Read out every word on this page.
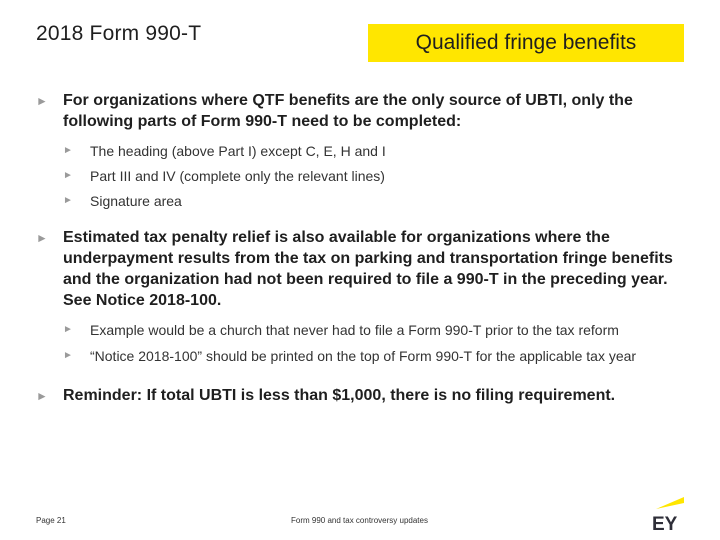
2018 Form 990-T	Qualified fringe benefits
► For organizations where QTF benefits are the only source of UBTI, only the following parts of Form 990-T need to be completed:
►	The heading (above Part I) except C, E, H and I
►	Part III and IV (complete only the relevant lines)
►	Signature area
► Estimated tax penalty relief is also available for organizations where the underpayment results from the tax on parking and transportation fringe benefits and the organization had not been required to file a 990-T in the preceding year. See Notice 2018-100.
►	Example would be a church that never had to file a Form 990-T prior to the tax reform
►	“Notice 2018-100” should be printed on the top of Form 990-T for the applicable tax year
► Reminder: If total UBTI is less than $1,000, there is no filing requirement.
Page 21	Form 990 and tax controversy updates	EY
